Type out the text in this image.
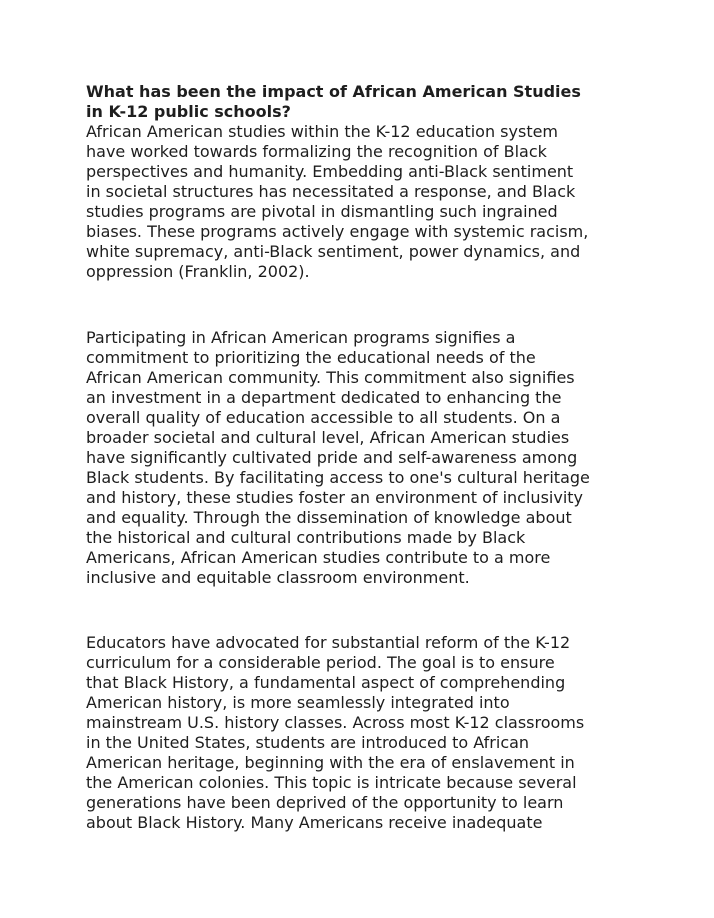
What has been the impact of African American Studies
in K-12 public schools?

African American studies within the K-12 education system
have worked towards formalizing the recognition of Black
perspectives and humanity. Embedding anti-Black sentiment
in societal structures has necessitated a response, and Black
studies programs are pivotal in dismantling such ingrained
biases. These programs actively engage with systemic racism,
white supremacy, anti-Black sentiment, power dynamics, and
oppression (Franklin, 2002).

Participating in African American programs signifies a
commitment to prioritizing the educational needs of the
African American community. This commitment also signifies
an investment in a department dedicated to enhancing the
overall quality of education accessible to all students. On a
broader societal and cultural level, African American studies
have significantly cultivated pride and self-awareness among
Black students. By facilitating access to one's cultural heritage
and history, these studies foster an environment of inclusivity
and equality. Through the dissemination of knowledge about
the historical and cultural contributions made by Black
Americans, African American studies contribute to a more
inclusive and equitable classroom environment.

Educators have advocated for substantial reform of the K-12
curriculum for a considerable period. The goal is to ensure
that Black History, a fundamental aspect of comprehending
American history, is more seamlessly integrated into
mainstream U.S. history classes. Across most K-12 classrooms
in the United States, students are introduced to African
American heritage, beginning with the era of enslavement in
the American colonies. This topic is intricate because several
generations have been deprived of the opportunity to learn
about Black History. Many Americans receive inadequate
